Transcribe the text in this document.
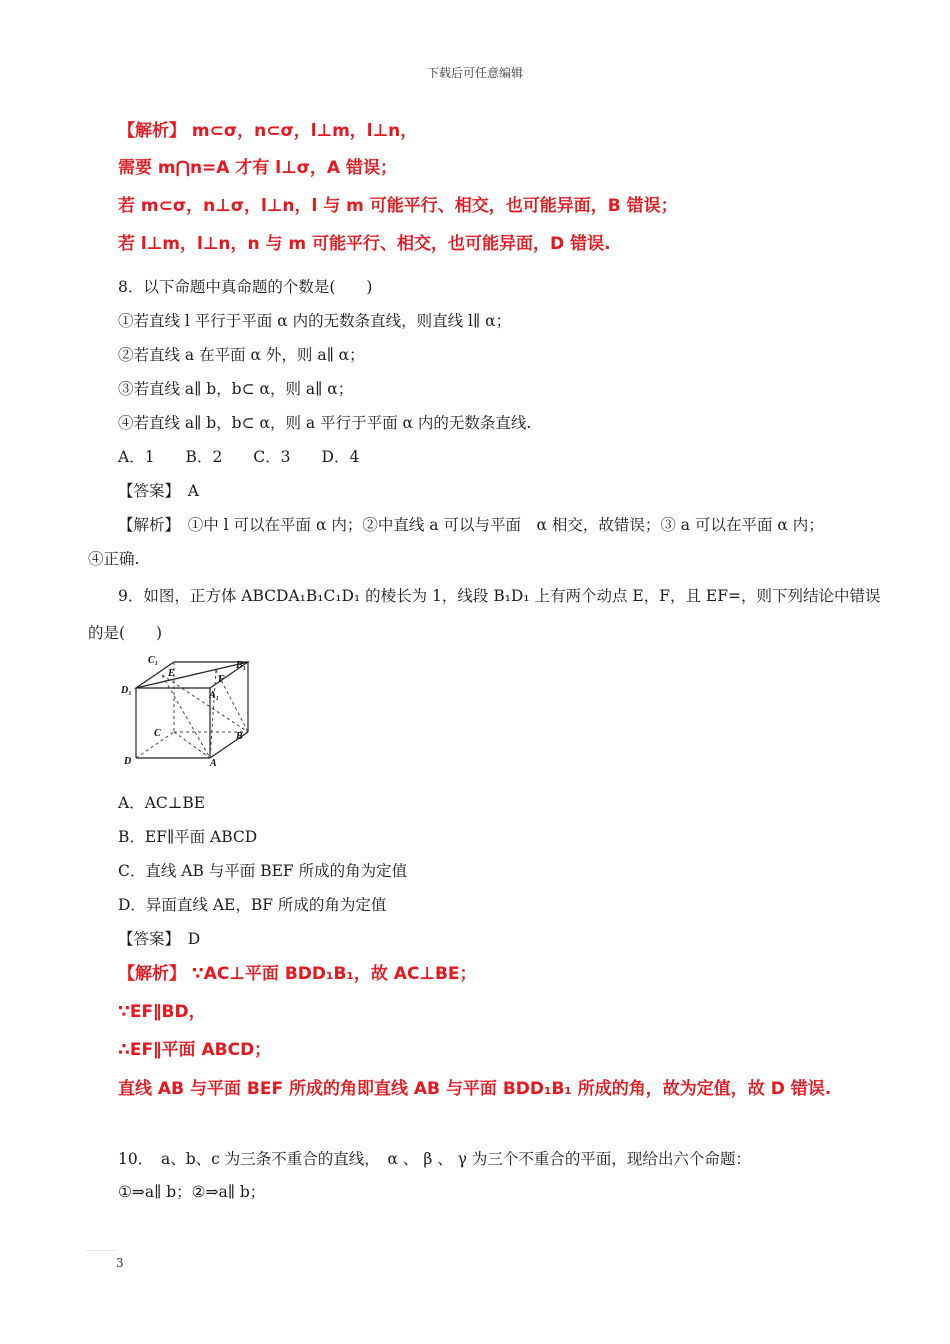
下载后可任意编辑
【解析】 m⊂σ，n⊂σ，l⊥m，l⊥n，
需要 m⋂n=A 才有 l⊥σ，A 错误；
若 m⊂σ，n⊥σ，l⊥n，l 与 m 可能平行、相交，也可能异面，B 错误；
若 l⊥m，l⊥n，n 与 m 可能平行、相交，也可能异面，D 错误.
8．以下命题中真命题的个数是(　　)
①若直线 l 平行于平面 α 内的无数条直线，则直线 l∥ α；
②若直线 a 在平面 α 外，则 a∥ α；
③若直线 a∥ b，b⊂ α，则 a∥ α；
④若直线 a∥ b，b⊂ α，则 a 平行于平面 α 内的无数条直线.
A．1　　B．2　　C．3　　D．4
【答案】　A
【解析】　①中 l 可以在平面 α 内；②中直线 a 可以与平面　α 相交，故错误；③ a 可以在平面 α 内；
④正确.
9．如图，正方体 ABCDA₁B₁C₁D₁ 的棱长为 1，线段 B₁D₁ 上有两个动点 E，F，且 EF=，则下列结论中错误
的是(　　)
C₁
E
B₁
D₁
F
A₁
C	B
D	A
A．AC⊥BE
B．EF∥平面 ABCD
C．直线 AB 与平面 BEF 所成的角为定值
D．异面直线 AE，BF 所成的角为定值
【答案】　D
【解析】 ∵AC⊥平面 BDD₁B₁，故 AC⊥BE；
∵EF∥BD，
∴EF∥平面 ABCD；
直线 AB 与平面 BEF 所成的角即直线 AB 与平面 BDD₁B₁ 所成的角，故为定值，故 D 错误.
10．　a、b、c 为三条不重合的直线，　α 、 β 、 γ 为三个不重合的平面，现给出六个命题：
①⇒a∥ b；②⇒a∥ b；
3
